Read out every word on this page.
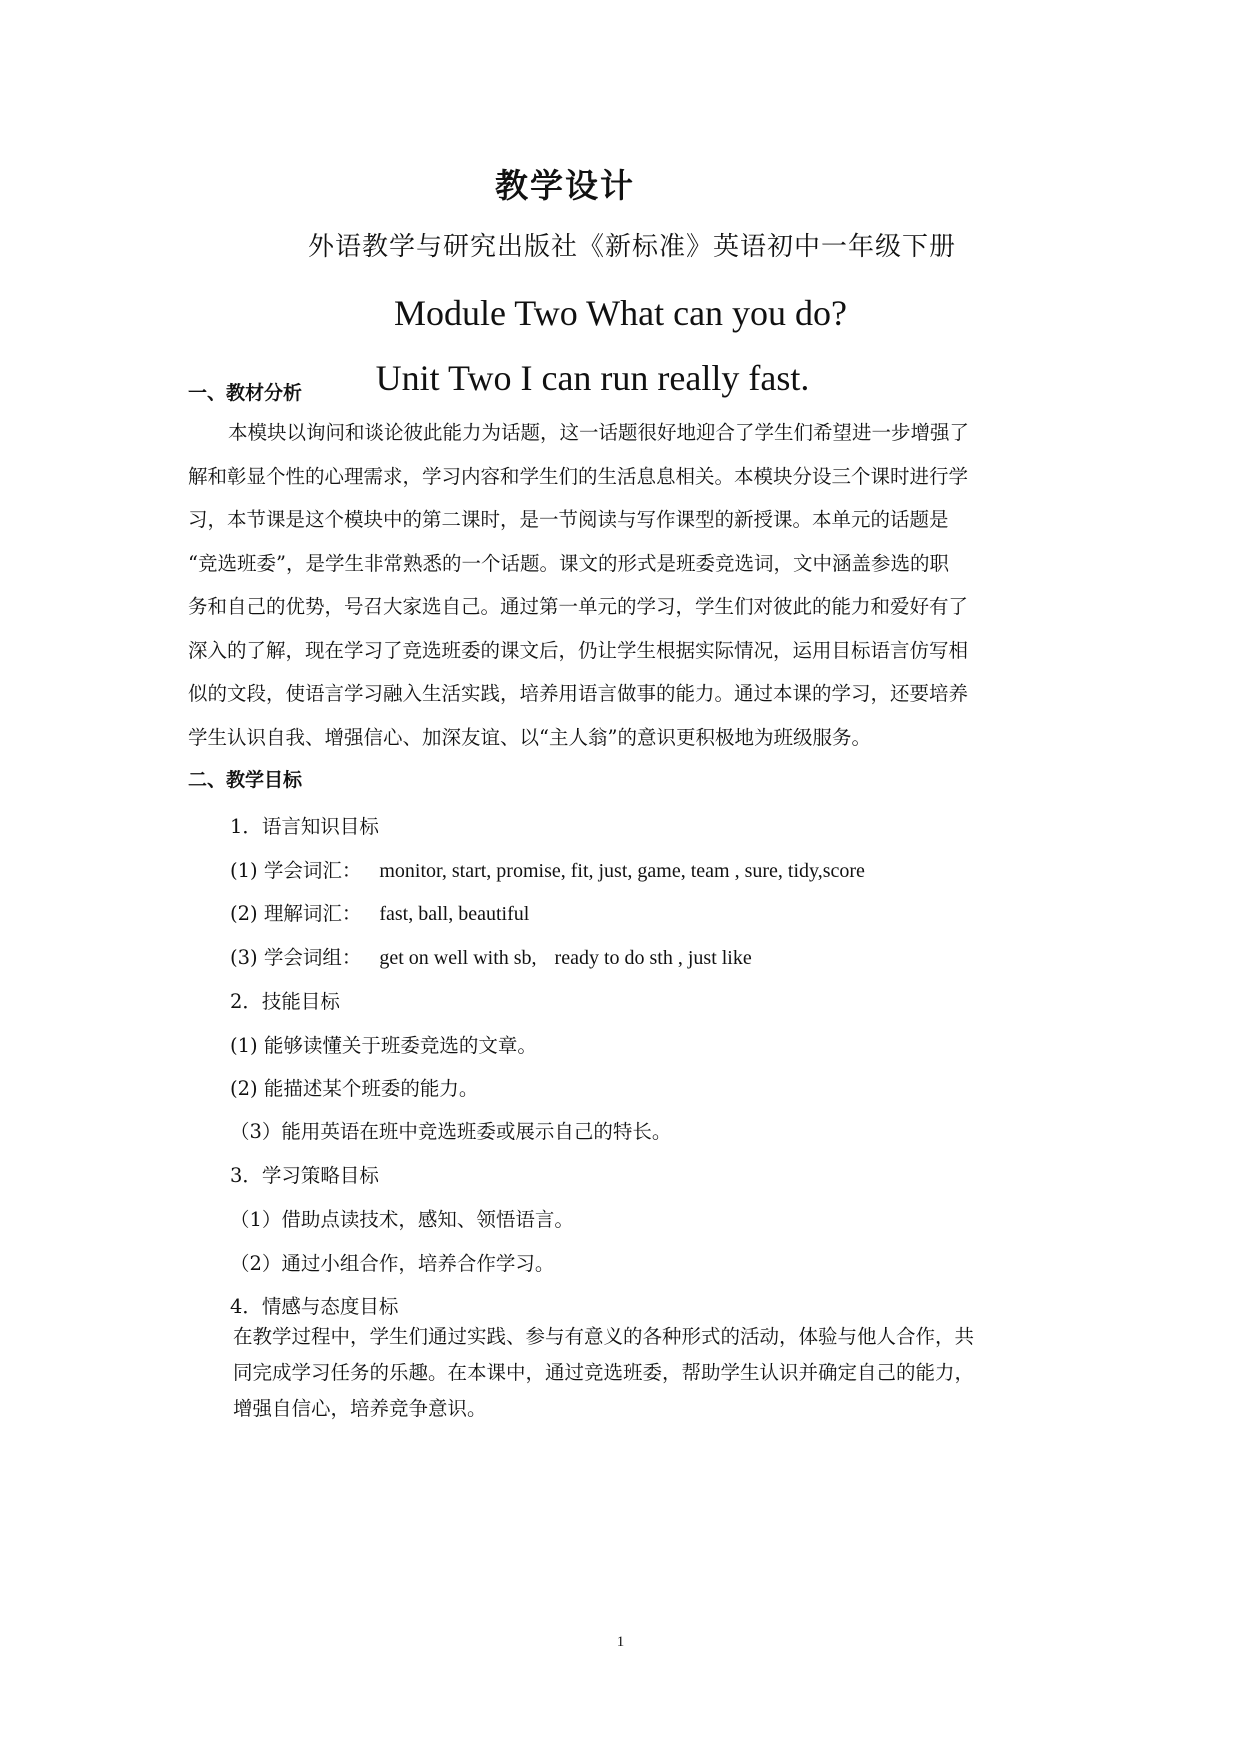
教学设计
外语教学与研究出版社《新标准》英语初中一年级下册
Module Two What can you do?
Unit Two I can run really fast.
一、教材分析
本模块以询问和谈论彼此能力为话题，这一话题很好地迎合了学生们希望进一步增强了
解和彰显个性的心理需求，学习内容和学生们的生活息息相关。本模块分设三个课时进行学
习，本节课是这个模块中的第二课时，是一节阅读与写作课型的新授课。本单元的话题是
“竞选班委”，是学生非常熟悉的一个话题。课文的形式是班委竞选词，文中涵盖参选的职
务和自己的优势，号召大家选自己。通过第一单元的学习，学生们对彼此的能力和爱好有了
深入的了解，现在学习了竞选班委的课文后，仍让学生根据实际情况，运用目标语言仿写相
似的文段，使语言学习融入生活实践，培养用语言做事的能力。通过本课的学习，还要培养
学生认识自我、增强信心、加深友谊、以“主人翁”的意识更积极地为班级服务。
二、教学目标
1．语言知识目标
(1) 学会词汇： monitor, start, promise, fit, just, game, team , sure, tidy,score
(2) 理解词汇： fast, ball, beautiful
(3) 学会词组： get on well with sb, ready to do sth , just like
2．技能目标
(1) 能够读懂关于班委竞选的文章。
(2) 能描述某个班委的能力。
（3）能用英语在班中竞选班委或展示自己的特长。
3．学习策略目标
（1）借助点读技术，感知、领悟语言。
（2）通过小组合作，培养合作学习。
4．情感与态度目标
在教学过程中，学生们通过实践、参与有意义的各种形式的活动，体验与他人合作，共
同完成学习任务的乐趣。在本课中，通过竞选班委，帮助学生认识并确定自己的能力，
增强自信心，培养竞争意识。
1
